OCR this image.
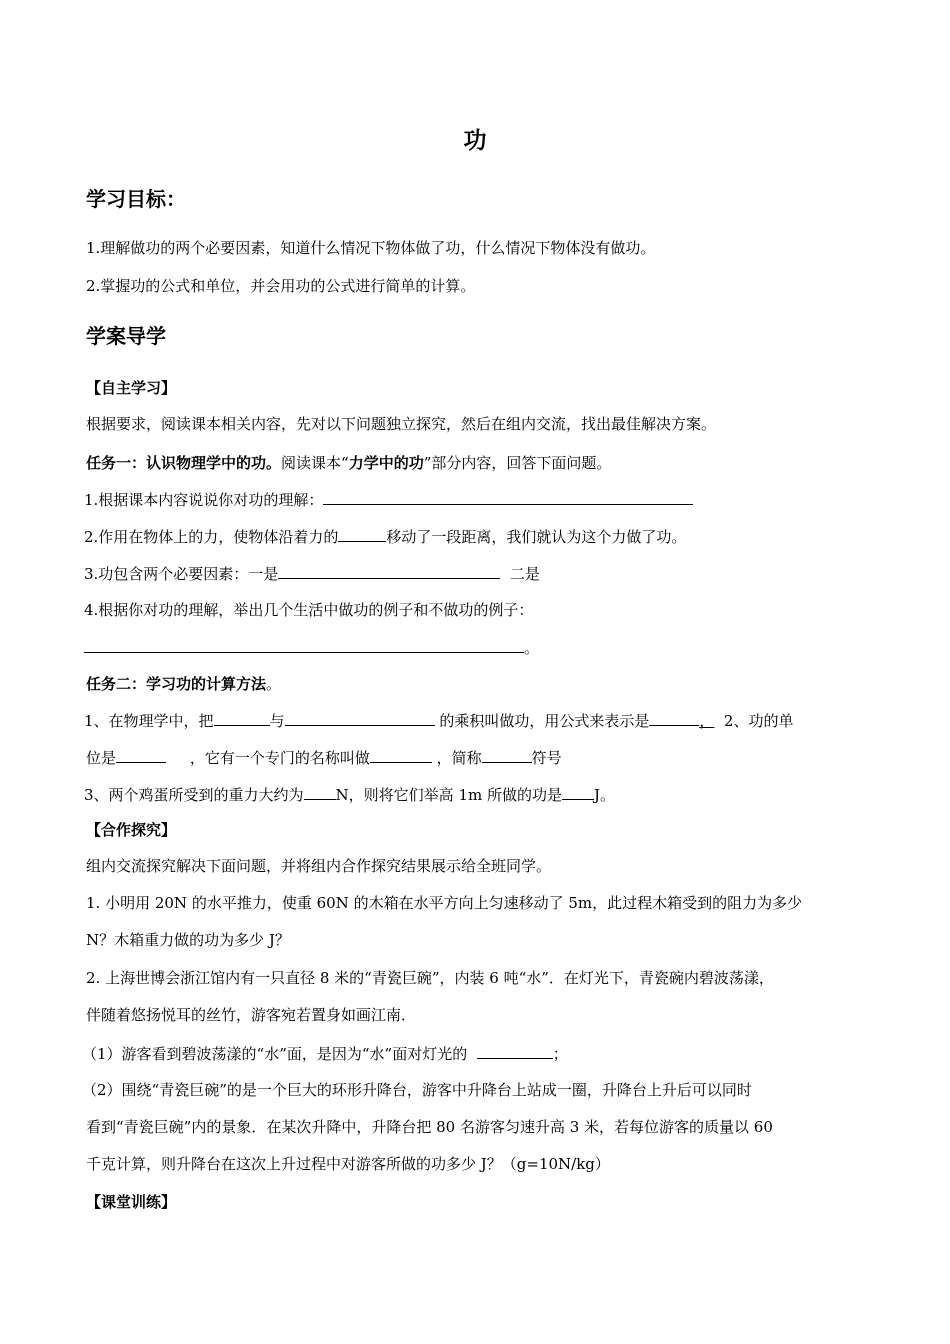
功
学习目标：
1.理解做功的两个必要因素，知道什么情况下物体做了功，什么情况下物体没有做功。
2.掌握功的公式和单位，并会用功的公式进行简单的计算。
学案导学
【自主学习】
根据要求，阅读课本相关内容，先对以下问题独立探究，然后在组内交流，找出最佳解决方案。
任务一：认识物理学中的功。阅读课本“力学中的功”部分内容，回答下面问题。
1.根据课本内容说说你对功的理解：
2.作用在物体上的力，使物体沿着力的	移动了一段距离，我们就认为这个力做了功。
3.功包含两个必要因素：一是	二是
4.根据你对功的理解，举出几个生活中做功的例子和不做功的例子：
。
任务二：学习功的计算方法。
1、在物理学中，把	与	的乘积叫做功，用公式来表示是	， 2、功的单
位是	，它有一个专门的名称叫做	，简称	符号
3、两个鸡蛋所受到的重力大约为 N，则将它们举高 1m 所做的功是 J。
【合作探究】
组内交流探究解决下面问题，并将组内合作探究结果展示给全班同学。
1. 小明用 20N 的水平推力，使重 60N 的木箱在水平方向上匀速移动了 5m，此过程木箱受到的阻力为多少
N？木箱重力做的功为多少 J？
2. 上海世博会浙江馆内有一只直径 8 米的“青瓷巨碗”，内装 6 吨“水”．在灯光下，青瓷碗内碧波荡漾，
伴随着悠扬悦耳的丝竹，游客宛若置身如画江南．
（1）游客看到碧波荡漾的“水”面，是因为“水”面对灯光的	；
（2）围绕“青瓷巨碗”的是一个巨大的环形升降台，游客中升降台上站成一圈，升降台上升后可以同时
看到“青瓷巨碗”内的景象．在某次升降中，升降台把 80 名游客匀速升高 3 米，若每位游客的质量以 60
千克计算，则升降台在这次上升过程中对游客所做的功多少 J？（g=10N/kg）
【课堂训练】
